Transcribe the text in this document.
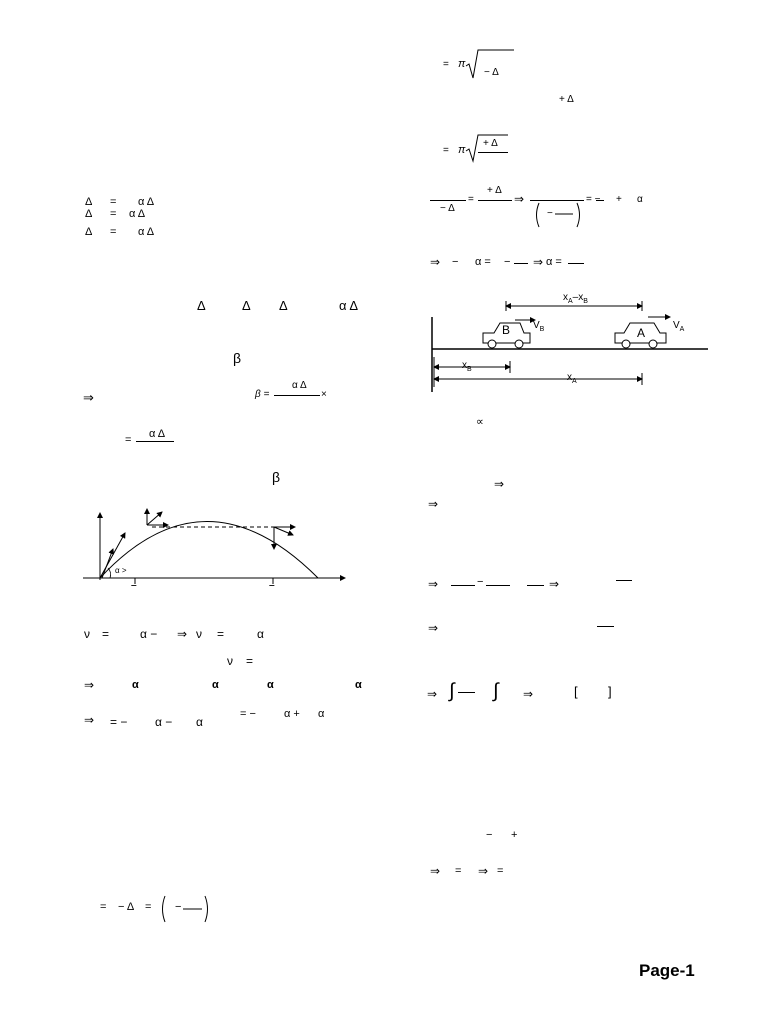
Δ = α Δ
Δ = α Δ
Δ = α Δ
Δ	Δ Δ	α Δ
β
⇒	β =
α Δ
×
= α Δ
β
α >
‾	‾
ν =	α − ⇒ ν =	α
ν =
⇒	α	α	α	α
⇒ = − α − α
= −	α + α
= − Δ = −
= π
− Δ
+ Δ
= π
+ Δ
− Δ
=
+ Δ
⇒
−
= − + α
⇒ − α = − ⇒ α =
$x_A-x_B$
B	A
$V_B$	$V_A$
$x_B$
$x_A$
∝
⇒
⇒
⇒	−	⇒
⇒
⇒ ∫ ∫ ⇒	[ ]
− +
⇒ = ⇒ =
Page-1
